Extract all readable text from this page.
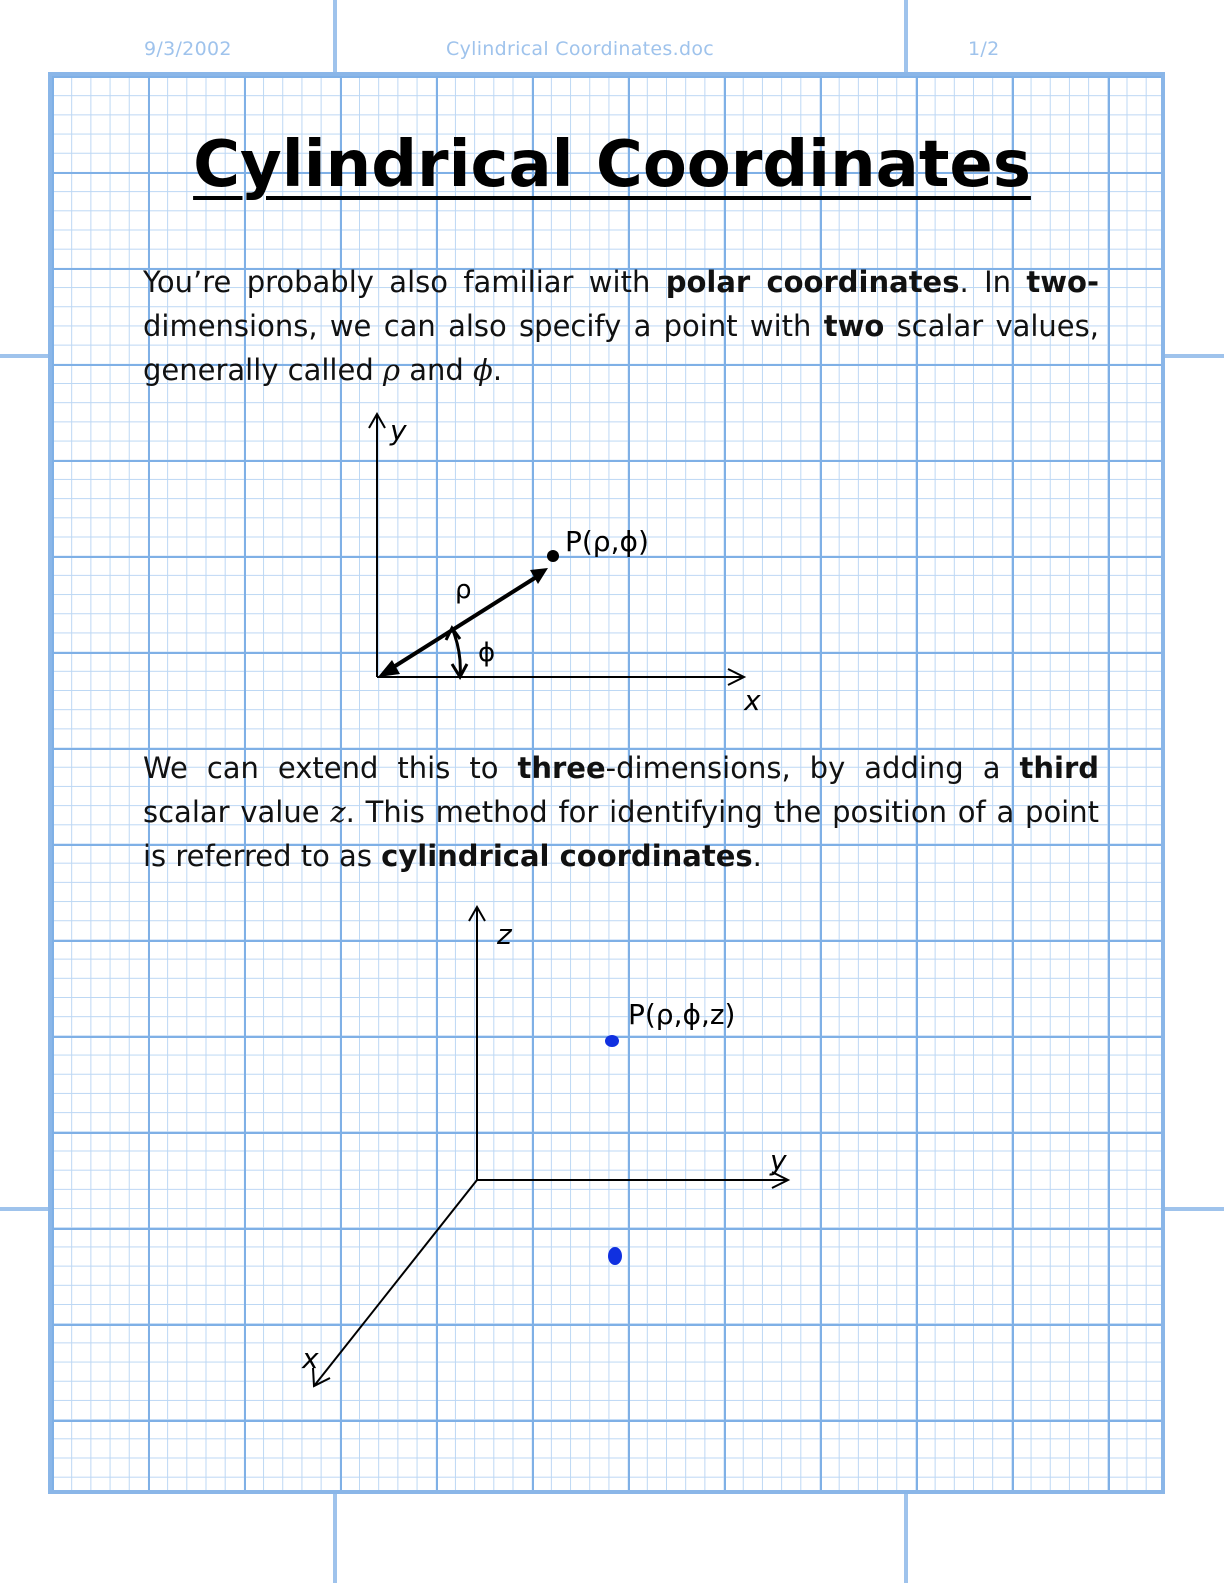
9/3/2002	Cylindrical Coordinates.doc	1/2
Cylindrical Coordinates
You’re probably also familiar with polar coordinates. In two-dimensions, we can also specify a point with two scalar values, generally called ρ and ϕ.
y
x
P(ρ,ϕ)
ρ
ϕ
We can extend this to three-dimensions, by adding a third scalar value z. This method for identifying the position of a point is referred to as cylindrical coordinates.
z
y
x
P(ρ,ϕ,z)
